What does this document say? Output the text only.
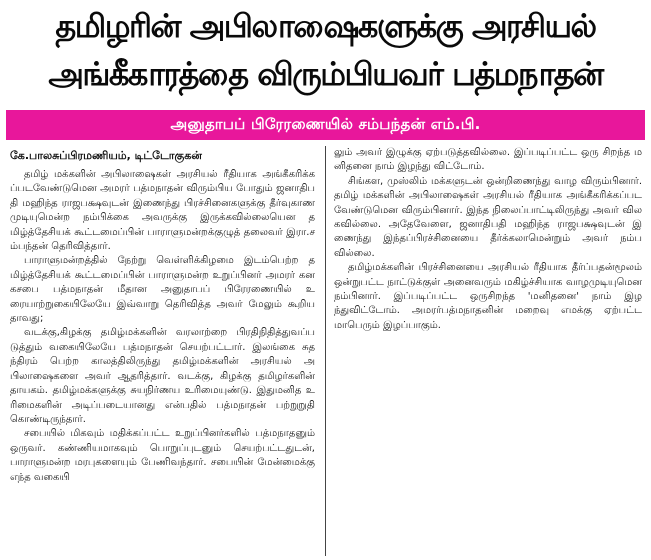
தமிழரின் அபிலாஷைகளுக்கு அரசியல்
அங்கீகாரத்தை விரும்பியவர் பத்மநாதன்
அனுதாபப் பிரேரணையில் சம்பந்தன் எம்.பி.
கே.பாலசுப்பிரமணியம், டிட்டோகுகன்

தமிழ் மக்களின் அபிலாஷைகள் அரசியல் ரீதியாக அங்கீகரிக்கப்படவேண்டுமென அமரர் பத்மநாதன் விரும்பிய போதும் ஜனாதிபதி மஹிந்த ராஜபக்ஷவுடன் இணைந்து பிரச்சினைகளுக்கு தீர்வுகாண முடியுமென்ற நம்பிக்கை அவருக்கு இருக்கவில்லையென தமிழ்த்தேசியக் கூட்டமைப்பின் பாராளுமன்றக்குழுத் தலைவர் இரா.சம்பந்தன் தெரிவித்தார்.

பாராளுமன்றத்தில் நேற்று வெள்ளிக்கிழமை இடம்பெற்ற தமிழ்த்தேசியக் கூட்டமைப்பின் பாராளுமன்ற உறுப்பினர் அமரர் கனகசபை பத்மநாதன் மீதான அனுதாபப் பிரேரணையில் உரையாற்றுகையிலேயே இவ்வாறு தெரிவித்த அவர் மேலும் கூறியதாவது;

வடக்கு,கிழக்கு தமிழ்மக்களின் வரலாற்றை பிரதிநிதித்துவப்படுத்தும் வகையிலேயே பத்மநாதன் செயற்பட்டார். இலங்கை சுதந்திரம் பெற்ற காலத்திலிருந்து தமிழ்மக்களின் அரசியல் அபிலாஷைகளை அவர் ஆதரித்தார். வடக்கு, கிழக்கு தமிழர்களின் தாயகம். தமிழ்மக்களுக்கு சுயநிர்ணய உரிமையுண்டு. இதுமனித உரிமைகளின் அடிப்படையானது என்பதில் பத்மநாதன் பற்றுறுதி கொண்டிருந்தார்.

சபையில் மிகவும் மதிக்கப்பட்ட உறுப்பினர்களில் பத்மநாதனும் ஒருவர். கண்ணியமாகவும் பொறுப்புடனும் செயற்பட்டதுடன், பாராளுமன்ற மரபுகளையும் பேணிவந்தார். சபையின் மேன்மைக்கு எந்த வகையி

லும் அவர் இழுக்கு ஏற்படுத்தவில்லை. இப்படிப்பட்ட ஒரு சிறந்த மனிதனை நாம் இழந்து விட்டோம்.

சிங்கள, முஸ்லிம் மக்களுடன் ஒன்றிணைந்து வாழ விரும்பினார். தமிழ் மக்களின் அபிலாஷைகள் அரசியல் ரீதியாக அங்கீகரிக்கப்படவேண்டுமென விரும்பினார். இந்த நிலைப்பாட்டிலிருந்து அவர் விலகவில்லை. அதேவேளை, ஜனாதிபதி மஹிந்த ராஜபக்ஷவுடன் இணைந்து இந்தப்பிரச்சினையை தீர்க்கலாமென்றும் அவர் நம்பவில்லை.

தமிழ்மக்களின் பிரச்சினையை அரசியல் ரீதியாக தீர்ப்பதன்மூலம் ஒன்றுபட்ட நாட்டுக்குள் அனைவரும் மகிழ்ச்சியாக வாழமுடியுமெனநம்பினார். இப்படிப்பட்ட ஒருசிறந்த 'மனிதனை' நாம் இழந்துவிட்டோம். அமரர்பத்மநாதனின் மறைவு எமக்கு ஏற்பட்ட மாபெரும் இழப்பாகும்.
